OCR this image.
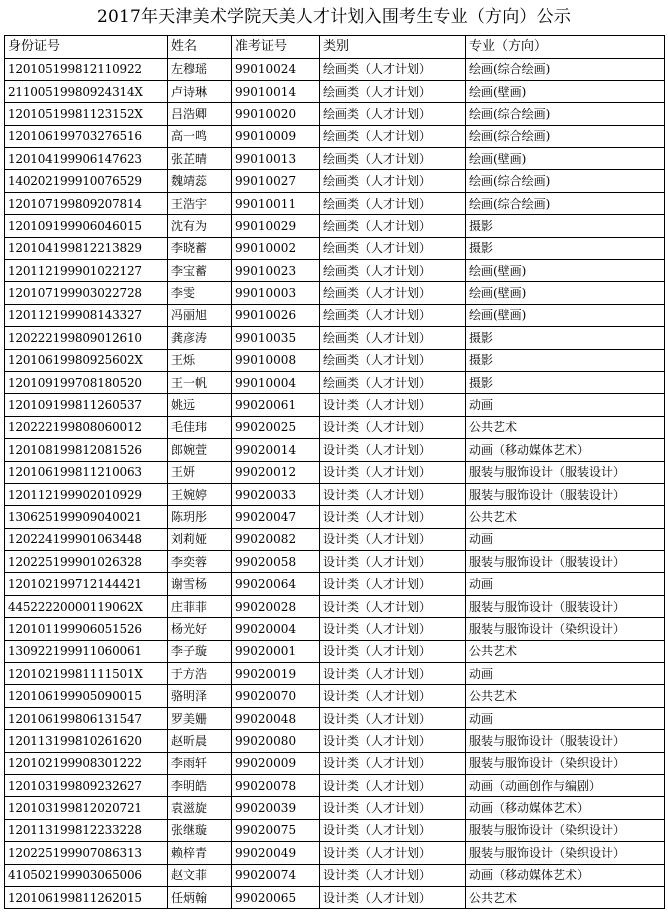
2017年天津美术学院天美人才计划入围考生专业（方向）公示
身份证号	姓名	准考证号	类别	专业（方向）
120105199812110922	左穆瑶	99010024	绘画类（人才计划）	绘画(综合绘画)
21100519980924314X	卢诗琳	99010014	绘画类（人才计划）	绘画(壁画)
12010519981123152X	吕浩卿	99010020	绘画类（人才计划）	绘画(综合绘画)
120106199703276516	高一鸣	99010009	绘画类（人才计划）	绘画(综合绘画)
120104199906147623	张芷晴	99010013	绘画类（人才计划）	绘画(壁画)
140202199910076529	魏靖蕊	99010027	绘画类（人才计划）	绘画(综合绘画)
120107199809207814	王浩宇	99010011	绘画类（人才计划）	绘画(综合绘画)
120109199906046015	沈有为	99010029	绘画类（人才计划）	摄影
120104199812213829	李晓蓄	99010002	绘画类（人才计划）	摄影
120112199901022127	李宝蓄	99010023	绘画类（人才计划）	绘画(壁画)
120107199903022728	李雯	99010003	绘画类（人才计划）	绘画(壁画)
120112199908143327	冯丽旭	99010026	绘画类（人才计划）	绘画(壁画)
120222199809012610	龚彦涛	99010035	绘画类（人才计划）	摄影
12010619980925602X	王烁	99010008	绘画类（人才计划）	摄影
120109199708180520	王一帆	99010004	绘画类（人才计划）	摄影
120109199811260537	姚远	99020061	设计类（人才计划）	动画
120222199808060012	毛佳玮	99020025	设计类（人才计划）	公共艺术
120108199812081526	郎婉萱	99020014	设计类（人才计划）	动画（移动媒体艺术）
120106199811210063	王妍	99020012	设计类（人才计划）	服装与服饰设计（服装设计）
120112199902010929	王婉婷	99020033	设计类（人才计划）	服装与服饰设计（服装设计）
130625199909040021	陈玥彤	99020047	设计类（人才计划）	公共艺术
120224199901063448	刘莉娅	99020082	设计类（人才计划）	动画
120225199901026328	李奕蓉	99020058	设计类（人才计划）	服装与服饰设计（服装设计）
120102199712144421	谢雪杨	99020064	设计类（人才计划）	动画
44522220000119062X	庄菲菲	99020028	设计类（人才计划）	服装与服饰设计（服装设计）
120101199906051526	杨光好	99020004	设计类（人才计划）	服装与服饰设计（染织设计）
130922199911060061	李子璇	99020001	设计类（人才计划）	公共艺术
12010219981111501X	于方浩	99020019	设计类（人才计划）	动画
120106199905090015	骆明泽	99020070	设计类（人才计划）	公共艺术
120106199806131547	罗美姗	99020048	设计类（人才计划）	动画
120113199810261620	赵昕晨	99020080	设计类（人才计划）	服装与服饰设计（服装设计）
120102199908301222	李雨轩	99020009	设计类（人才计划）	服装与服饰设计（染织设计）
120103199809232627	李明皓	99020078	设计类（人才计划）	动画（动画创作与编剧）
120103199812020721	袁滋旋	99020039	设计类（人才计划）	动画（移动媒体艺术）
120113199812233228	张继璇	99020075	设计类（人才计划）	服装与服饰设计（染织设计）
120225199907086313	赖梓青	99020049	设计类（人才计划）	服装与服饰设计（染织设计）
410502199903065006	赵文菲	99020074	设计类（人才计划）	动画（移动媒体艺术）
120106199811262015	任炳翰	99020065	设计类（人才计划）	公共艺术
